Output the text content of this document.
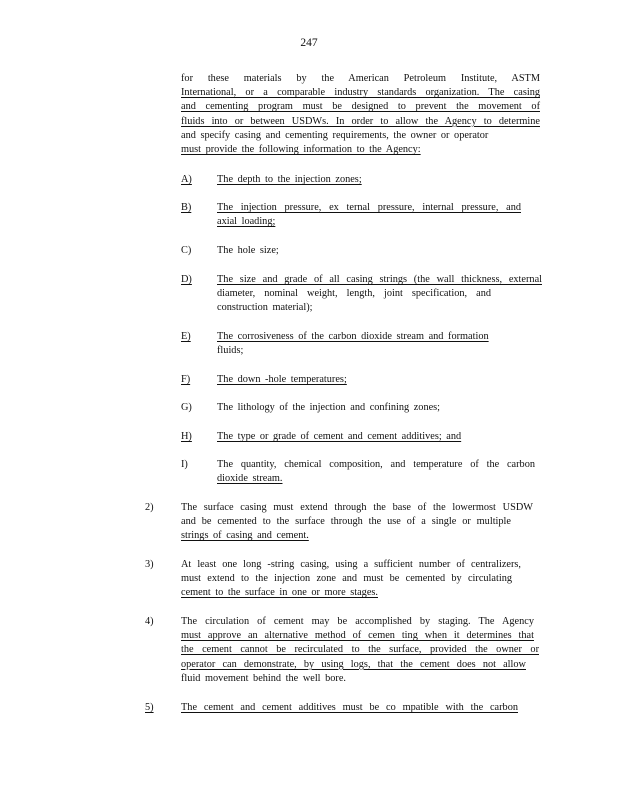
247
for these materials by the American Petroleum Institute, ASTM
International, or a comparable industry standards organization. The casing
and cementing program must be designed to prevent the movement of
fluids into or between USDWs. In order to allow the Agency to determine
and specify casing and cementing requirements, the owner or operator
must provide the following information to the Agency:
A) The depth to the injection zones;
B) The injection pressure, ex ternal pressure, internal pressure, and
axial loading;
C) The hole size;
D) The size and grade of all casing strings (the wall thickness, external
diameter, nominal weight, length, joint specification, and
construction material);
E)	The corrosiveness of the carbon dioxide stream and formation
fluids;
F)	The down -hole temperatures;
G) The lithology of the injection and confining zones;
H) The type or grade of cement and cement additives; and
I)	The quantity, chemical composition, and temperature of the carbon
dioxide stream.
2)	The surface casing must extend through the base of the lowermost USDW
and be cemented to the surface through the use of a single or multiple
strings of casing and cement.
3)	At least one long -string casing, using a sufficient number of centralizers,
must extend to the injection zone and must be cemented by circulating
cement to the surface in one or more stages.
4)	The circulation of cement may be accomplished by staging. The Agency
must approve an alternative method of cemen ting when it determines that
the cement cannot be recirculated to the surface, provided the owner or
operator can demonstrate, by using logs, that the cement does not allow
fluid movement behind the well bore.
5)	The cement and cement additives must be co mpatible with the carbon
